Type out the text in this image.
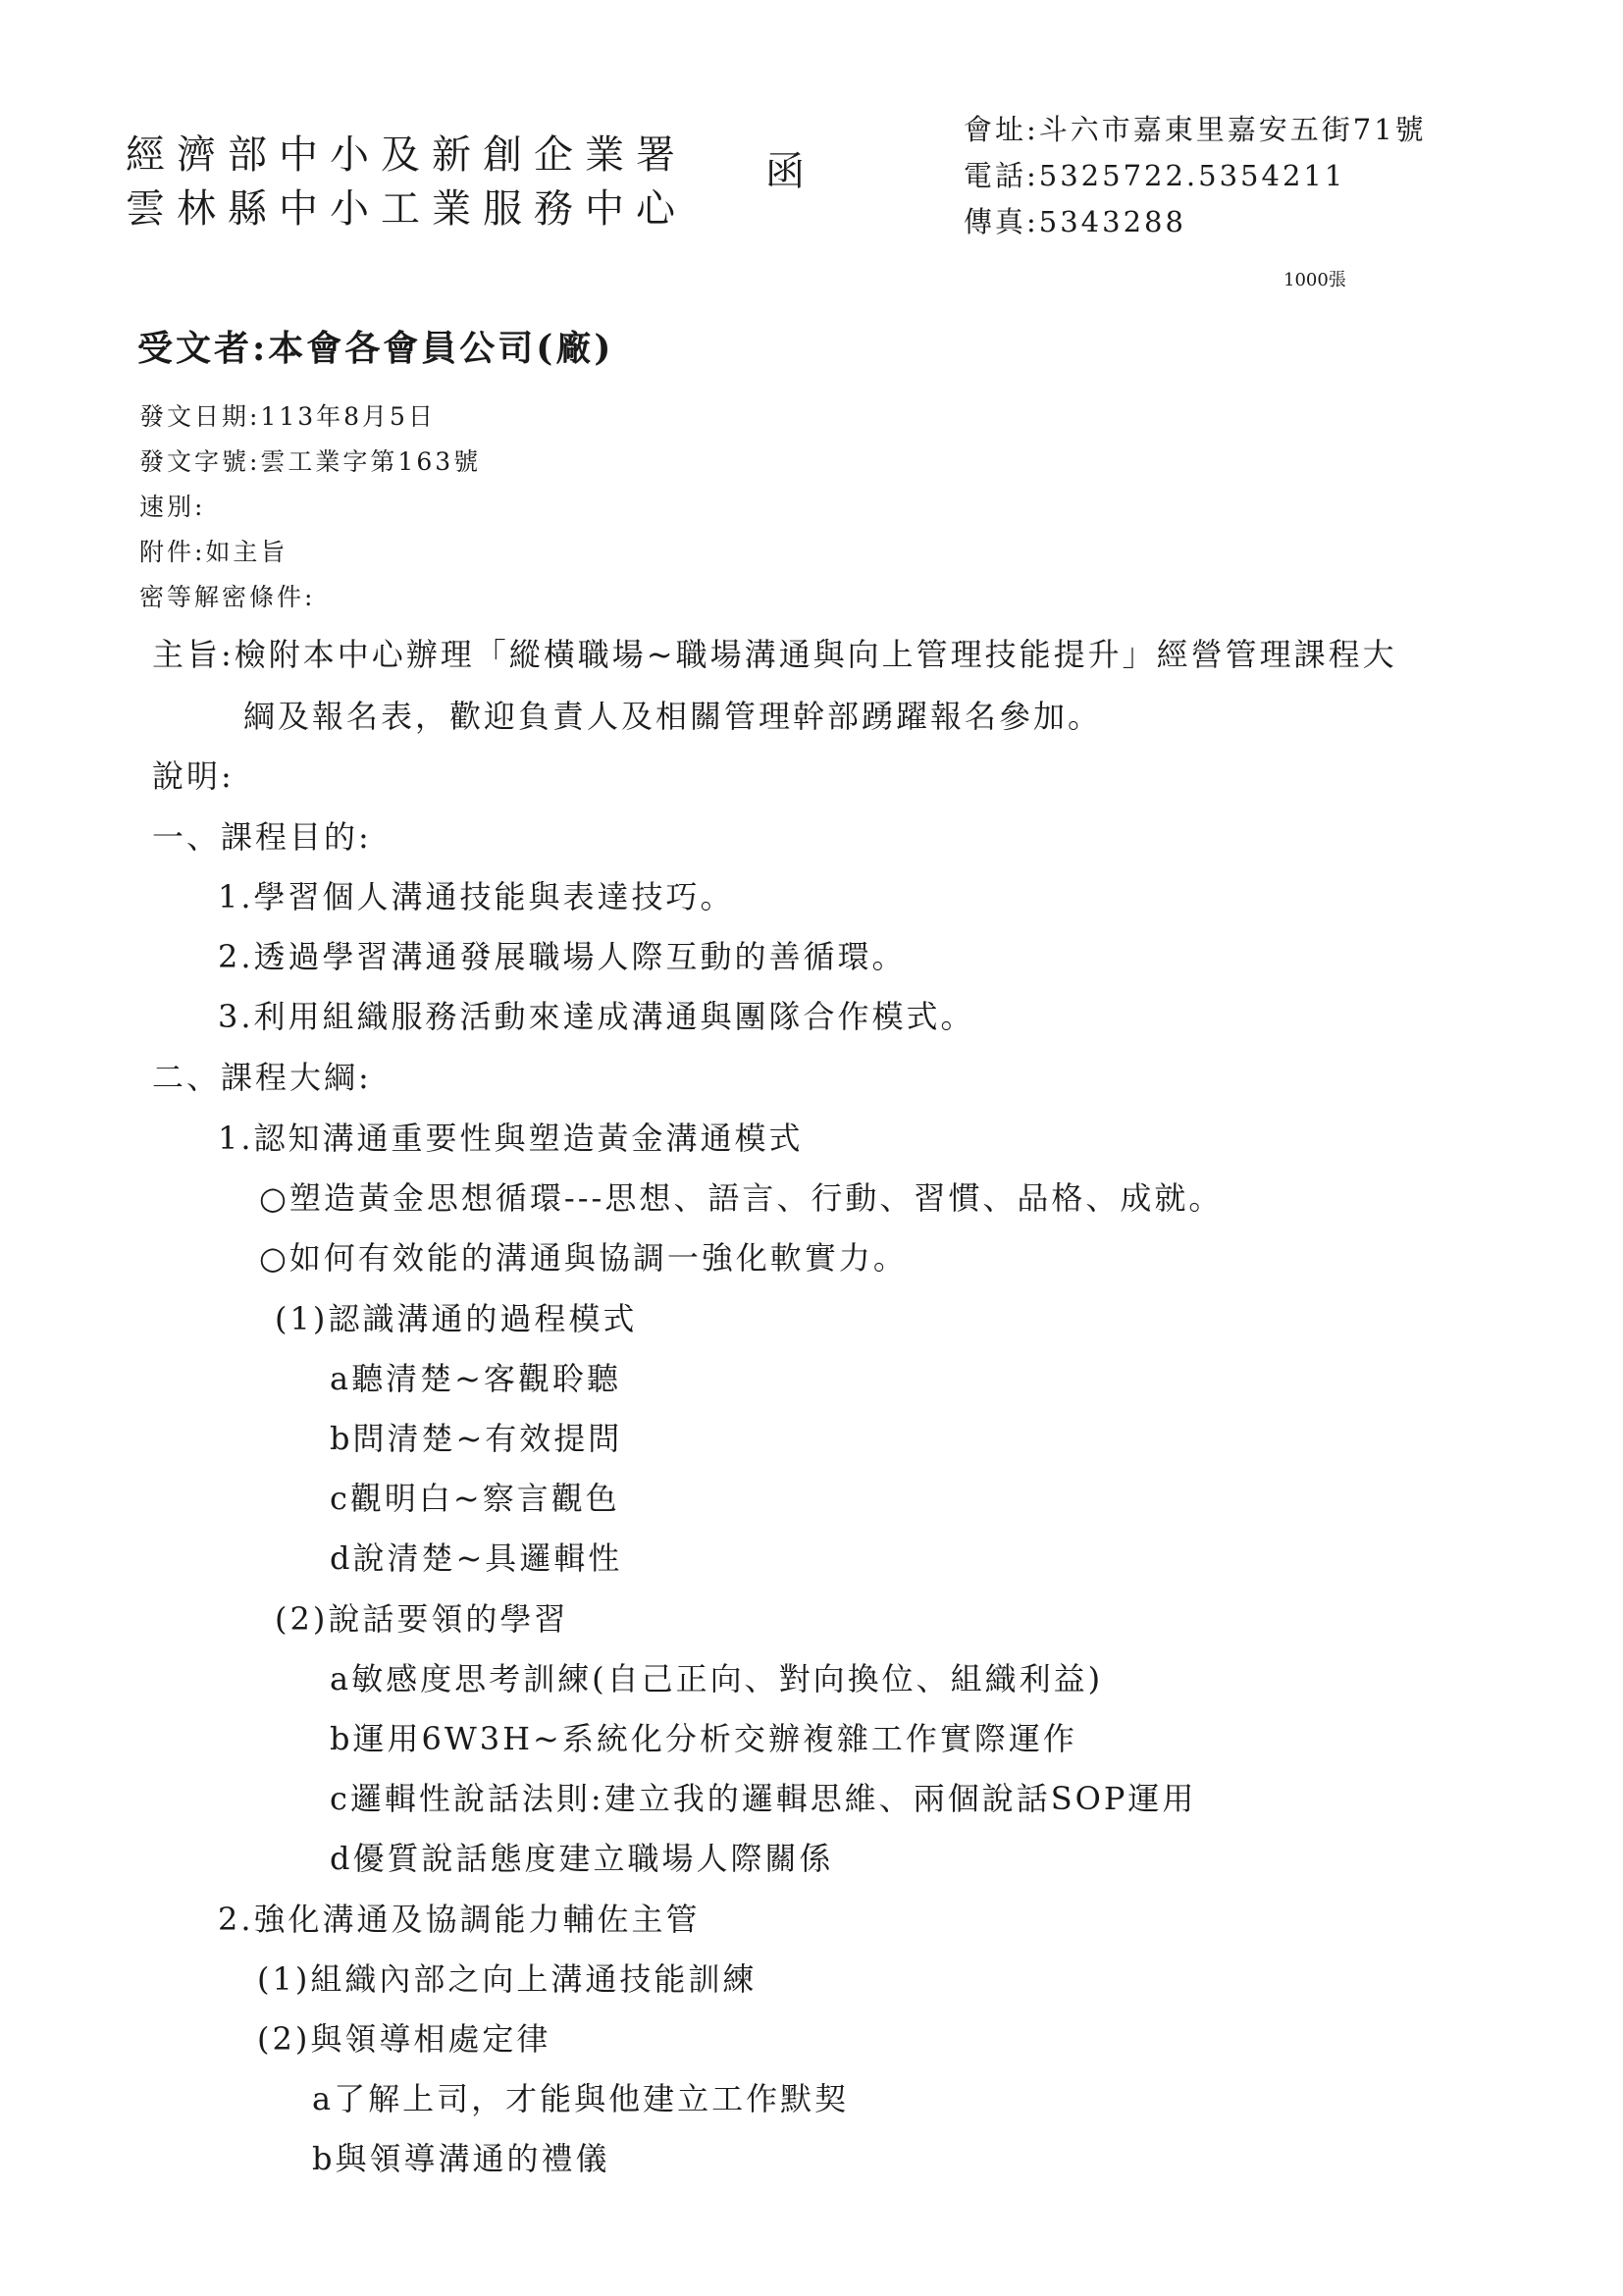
經濟部中小及新創企業署
雲林縣中小工業服務中心
函
會址:斗六市嘉東里嘉安五街71號
電話:5325722.5354211
傳真:5343288
1000張
受文者:本會各會員公司(廠)
發文日期:113年8月5日
發文字號:雲工業字第163號
速別:
附件:如主旨
密等解密條件:
主旨:檢附本中心辦理「縱橫職場~職場溝通與向上管理技能提升」經營管理課程大
綱及報名表，歡迎負責人及相關管理幹部踴躍報名參加。
說明:
一、課程目的:
1.學習個人溝通技能與表達技巧。
2.透過學習溝通發展職場人際互動的善循環。
3.利用組織服務活動來達成溝通與團隊合作模式。
二、課程大綱:
1.認知溝通重要性與塑造黃金溝通模式
○塑造黃金思想循環---思想、語言、行動、習慣、品格、成就。
○如何有效能的溝通與協調一強化軟實力。
(1)認識溝通的過程模式
a聽清楚~客觀聆聽
b問清楚~有效提問
c觀明白~察言觀色
d說清楚~具邏輯性
(2)說話要領的學習
a敏感度思考訓練(自己正向、對向換位、組織利益)
b運用6W3H~系統化分析交辦複雜工作實際運作
c邏輯性說話法則:建立我的邏輯思維、兩個說話SOP運用
d優質說話態度建立職場人際關係
2.強化溝通及協調能力輔佐主管
(1)組織內部之向上溝通技能訓練
(2)與領導相處定律
a了解上司，才能與他建立工作默契
b與領導溝通的禮儀
